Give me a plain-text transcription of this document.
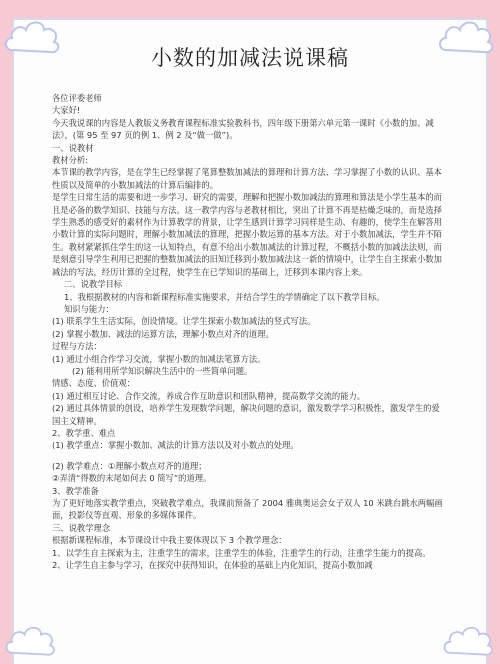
小数的加减法说课稿

各位评委老师

大家好!

今天我说课的内容是人教版义务教育课程标准实验教科书，四年级下册第六单元第一课时《小数的加、减法》，(第 95 至 97 页的例 1、例 2 及“做一做”)。

一、说教材

教材分析:

本节课的教学内容，是在学生已经掌握了笔算整数加减法的算理和计算方法、学习掌握了小数的认识、基本性质以及简单的小数加减法的计算后编排的。

是学生日常生活的需要和进一步学习、研究的需要，理解和把握小数加减法的算理和算法是小学生基本的而且是必备的数学知识、技能与方法。这一教学内容与老教材相比，突出了计算不再是枯燥乏味的，而是选择学生熟悉的感受好的素材作为计算教学的背景，让学生感到计算学习同样是生动、有趣的，使学生在解答用小数计算的实际问题时，理解小数加减法的算理，把握小数运算的基本方法。对于小数加减法，学生并不陌生。教材紧紧抓住学生的这一认知特点，有意不给出小数加减法的计算过程，不概括小数的加减法法则，而是刻意引导学生利用已把握的整数加减法的旧知迁移到小数加减法这一新的情境中，让学生自主探索小数加减法的写法，经历计算的全过程，使学生在已学知识的基础上，迁移到本课内容上来。

二、说教学目标

1、我根据教材的内容和新课程标准实施要求，并结合学生的学情确定了以下教学目标。

知识与能力：

(1) 联系学生生活实际，创设情境。让学生探索小数加减法的竖式写法。

(2) 掌握小数加、减法的运算方法，理解小数点对齐的道理。

过程与方法：

(1) 通过小组合作学习交流，掌握小数的加减法笔算方法。

(2) 能利用所学知识解决生活中的一些简单问题。

情感、态度、价值观：

(1) 通过相互讨论、合作交流，养成合作互助意识和团队精神，提高数学交流的能力。

(2) 通过具体情景的创设，培养学生发现数学问题，解决问题的意识，激发数学学习积极性，激发学生的爱国主义精神。

2、教学重、难点

(1) 教学重点：掌握小数加、减法的计算方法以及对小数点的处理。

(2) 教学难点：①理解小数点对齐的道理；

②弄清“得数的末尾如何去 0 简写”的道理。

3、教学准备

为了更好地落实教学重点，突破教学难点，我课前预备了 2004 雅典奥运会女子双人 10 米跳台跳水两幅画面，投影仪等直观、形象的多媒体课件。

三、说教学理念

根据新课程标准，本节课设计中我主要体现以下 3 个教学理念：

1、以学生自主探索为主，注重学生的需求，注重学生的体验，注重学生的行动，注重学生能力的提高。

2、让学生自主参与学习，在探究中获得知识，在体验的基础上内化知识，提高小数加减
